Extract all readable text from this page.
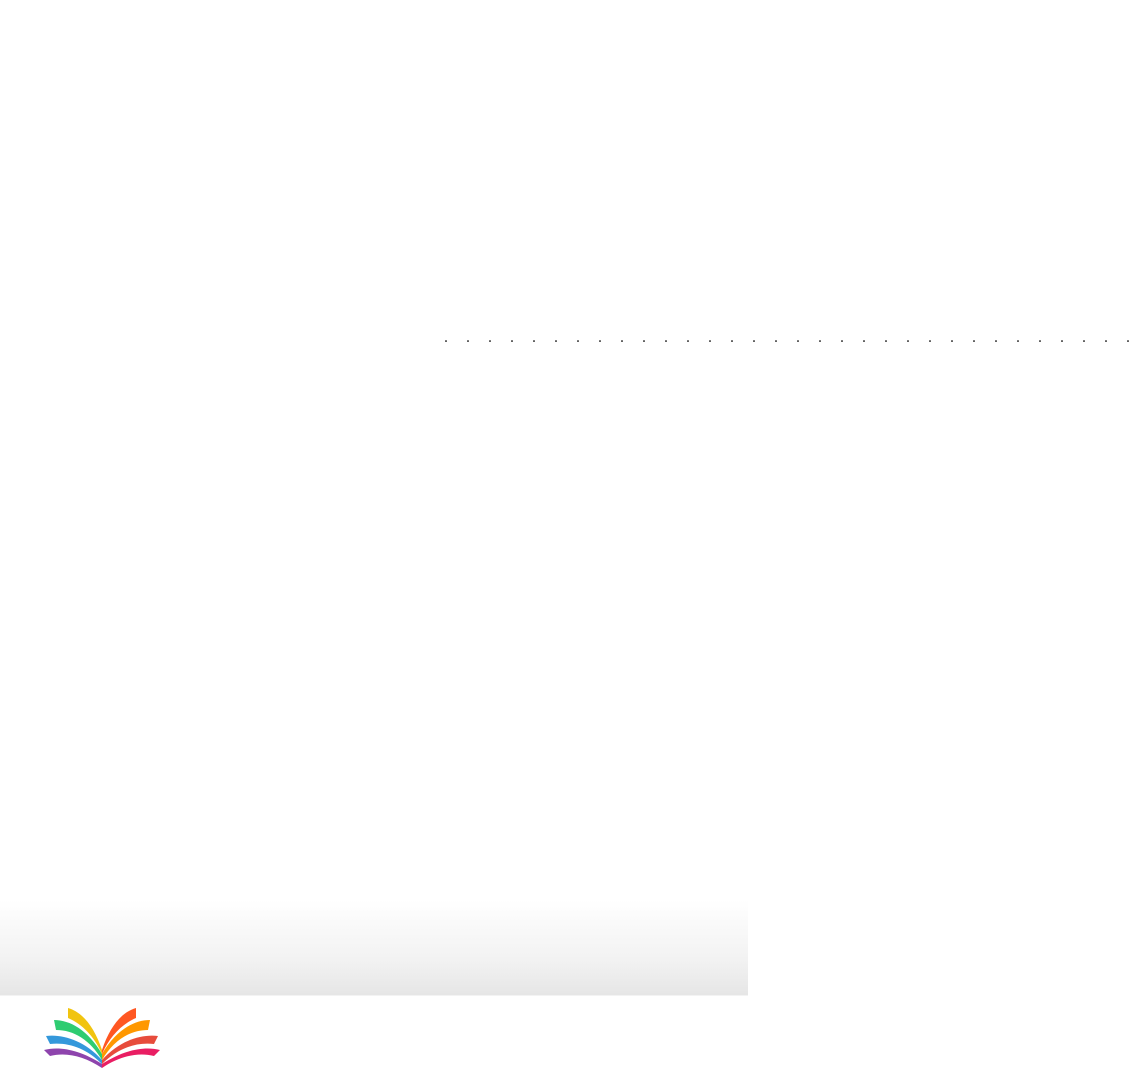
. . . . . . . . . . . . . . . . . . . . . . . . . . . . . . . .
